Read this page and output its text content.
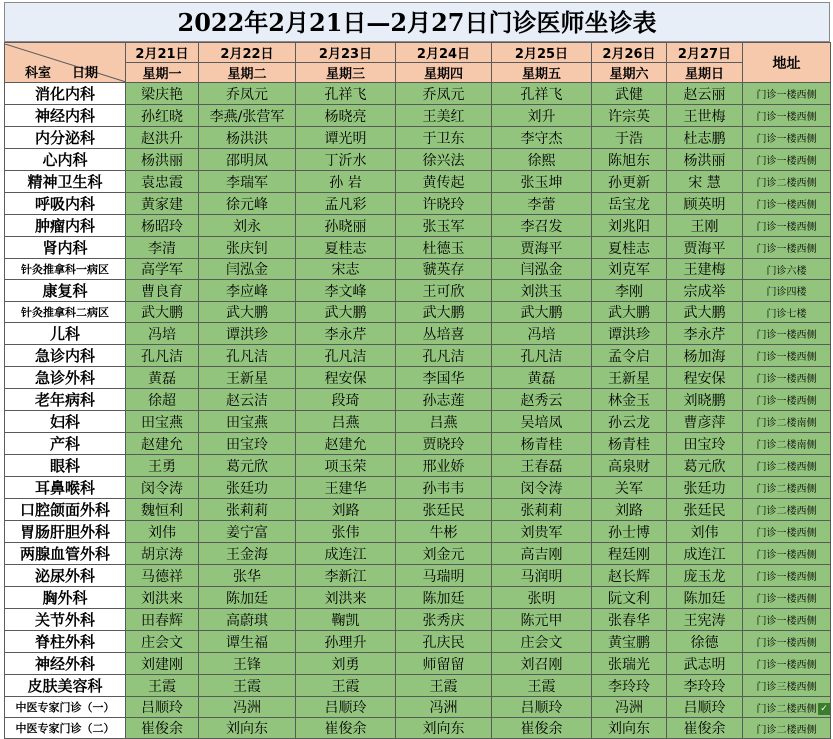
2022年2月21日—2月27日门诊医师坐诊表
科室 日期	2月21日	2月22日	2月23日	2月24日	2月25日	2月26日	2月27日	地址
	星期一	星期二	星期三	星期四	星期五	星期六	星期日	
消化内科	梁庆艳	乔凤元	孔祥飞	乔凤元	孔祥飞	武健	赵云丽	门诊一楼西侧
神经内科	孙红晓	李燕/张营军	杨晓亮	王美红	刘升	许宗英	王世梅	门诊一楼西侧
内分泌科	赵洪升	杨洪洪	谭光明	于卫东	李守杰	于浩	杜志鹏	门诊一楼西侧
心内科	杨洪丽	邵明凤	丁沂水	徐兴法	徐熙	陈旭东	杨洪丽	门诊一楼西侧
精神卫生科	袁忠霞	李瑞军	孙 岩	黄传起	张玉坤	孙更新	宋 慧	门诊二楼西侧
呼吸内科	黄家建	徐元峰	孟凡彩	许晓玲	李蕾	岳宝龙	顾英明	门诊一楼西侧
肿瘤内科	杨昭玲	刘永	孙晓丽	张玉军	李召发	刘兆阳	王刚	门诊一楼西侧
肾内科	李清	张庆钊	夏桂志	杜德玉	贾海平	夏桂志	贾海平	门诊一楼西侧
针灸推拿科一病区	高学军	闫泓金	宋志	虢英存	闫泓金	刘克军	王建梅	门诊六楼
康复科	曹良育	李应峰	李文峰	王可欣	刘洪玉	李刚	宗成举	门诊四楼
针灸推拿科二病区	武大鹏	武大鹏	武大鹏	武大鹏	武大鹏	武大鹏	武大鹏	门诊七楼
儿科	冯培	谭洪珍	李永芹	丛培喜	冯培	谭洪珍	李永芹	门诊一楼西侧
急诊内科	孔凡洁	孔凡洁	孔凡洁	孔凡洁	孔凡洁	孟令启	杨加海	门诊一楼西侧
急诊外科	黄磊	王新星	程安保	李国华	黄磊	王新星	程安保	门诊一楼西侧
老年病科	徐超	赵云洁	段琦	孙志莲	赵秀云	林金玉	刘晓鹏	门诊一楼西侧
妇科	田宝燕	田宝燕	吕燕	吕燕	吴培凤	孙云龙	曹彦萍	门诊二楼南侧
产科	赵建允	田宝玲	赵建允	贾晓玲	杨青桂	杨青桂	田宝玲	门诊二楼南侧
眼科	王勇	葛元欣	项玉荣	邢业娇	王春磊	高泉财	葛元欣	门诊二楼西侧
耳鼻喉科	闵令涛	张廷功	王建华	孙韦韦	闵令涛	关军	张廷功	门诊二楼西侧
口腔颌面外科	魏恒利	张莉莉	刘路	张廷民	张莉莉	刘路	张廷民	门诊二楼西侧
胃肠肝胆外科	刘伟	姜宁富	张伟	牛彬	刘贵军	孙士博	刘伟	门诊一楼西侧
两腺血管外科	胡京涛	王金海	成连江	刘金元	高吉刚	程廷刚	成连江	门诊一楼西侧
泌尿外科	马德祥	张华	李新江	马瑞明	马润明	赵长辉	庞玉龙	门诊一楼西侧
胸外科	刘洪来	陈加廷	刘洪来	陈加廷	张明	阮文利	陈加廷	门诊一楼西侧
关节外科	田春辉	高蔚琪	鞠凯	张秀庆	陈元甲	张春华	王宪涛	门诊一楼西侧
脊柱外科	庄会文	谭生福	孙理升	孔庆民	庄会文	黄宝鹏	徐德	门诊一楼西侧
神经外科	刘建刚	王锋	刘勇	师留留	刘召刚	张瑞光	武志明	门诊一楼西侧
皮肤美容科	王霞	王霞	王霞	王霞	王霞	李玲玲	李玲玲	门诊三楼西侧
中医专家门诊（一）	吕顺玲	冯洲	吕顺玲	冯洲	吕顺玲	冯洲	吕顺玲	门诊二楼西侧
中医专家门诊（二）	崔俊余	刘向东	崔俊余	刘向东	崔俊余	刘向东	崔俊余	门诊二楼西侧
✓
